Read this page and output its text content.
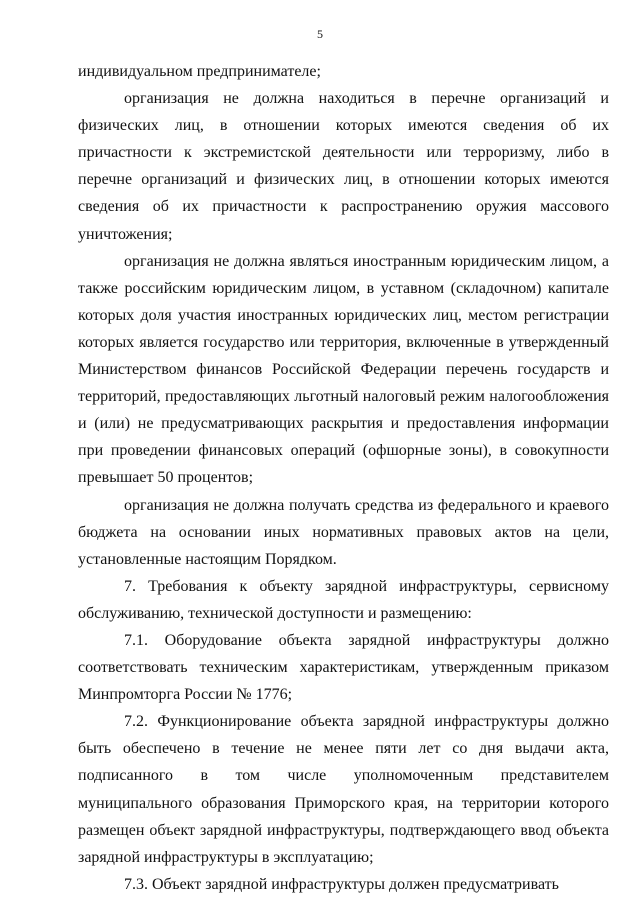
5

индивидуальном предпринимателе;

организация не должна находиться в перечне организаций и физических лиц, в отношении которых имеются сведения об их причастности к экстремистской деятельности или терроризму, либо в перечне организаций и физических лиц, в отношении которых имеются сведения об их причастности к распространению оружия массового уничтожения;

организация не должна являться иностранным юридическим лицом, а также российским юридическим лицом, в уставном (складочном) капитале которых доля участия иностранных юридических лиц, местом регистрации которых является государство или территория, включенные в утвержденный Министерством финансов Российской Федерации перечень государств и территорий, предоставляющих льготный налоговый режим налогообложения и (или) не предусматривающих раскрытия и предоставления информации при проведении финансовых операций (офшорные зоны), в совокупности превышает 50 процентов;

организация не должна получать средства из федерального и краевого бюджета на основании иных нормативных правовых актов на цели, установленные настоящим Порядком.

7. Требования к объекту зарядной инфраструктуры, сервисному обслуживанию, технической доступности и размещению:

7.1. Оборудование объекта зарядной инфраструктуры должно соответствовать техническим характеристикам, утвержденным приказом Минпромторга России № 1776;

7.2. Функционирование объекта зарядной инфраструктуры должно быть обеспечено в течение не менее пяти лет со дня выдачи акта, подписанного в том числе уполномоченным представителем муниципального образования Приморского края, на территории которого размещен объект зарядной инфраструктуры, подтверждающего ввод объекта зарядной инфраструктуры в эксплуатацию;

7.3. Объект зарядной инфраструктуры должен предусматривать
